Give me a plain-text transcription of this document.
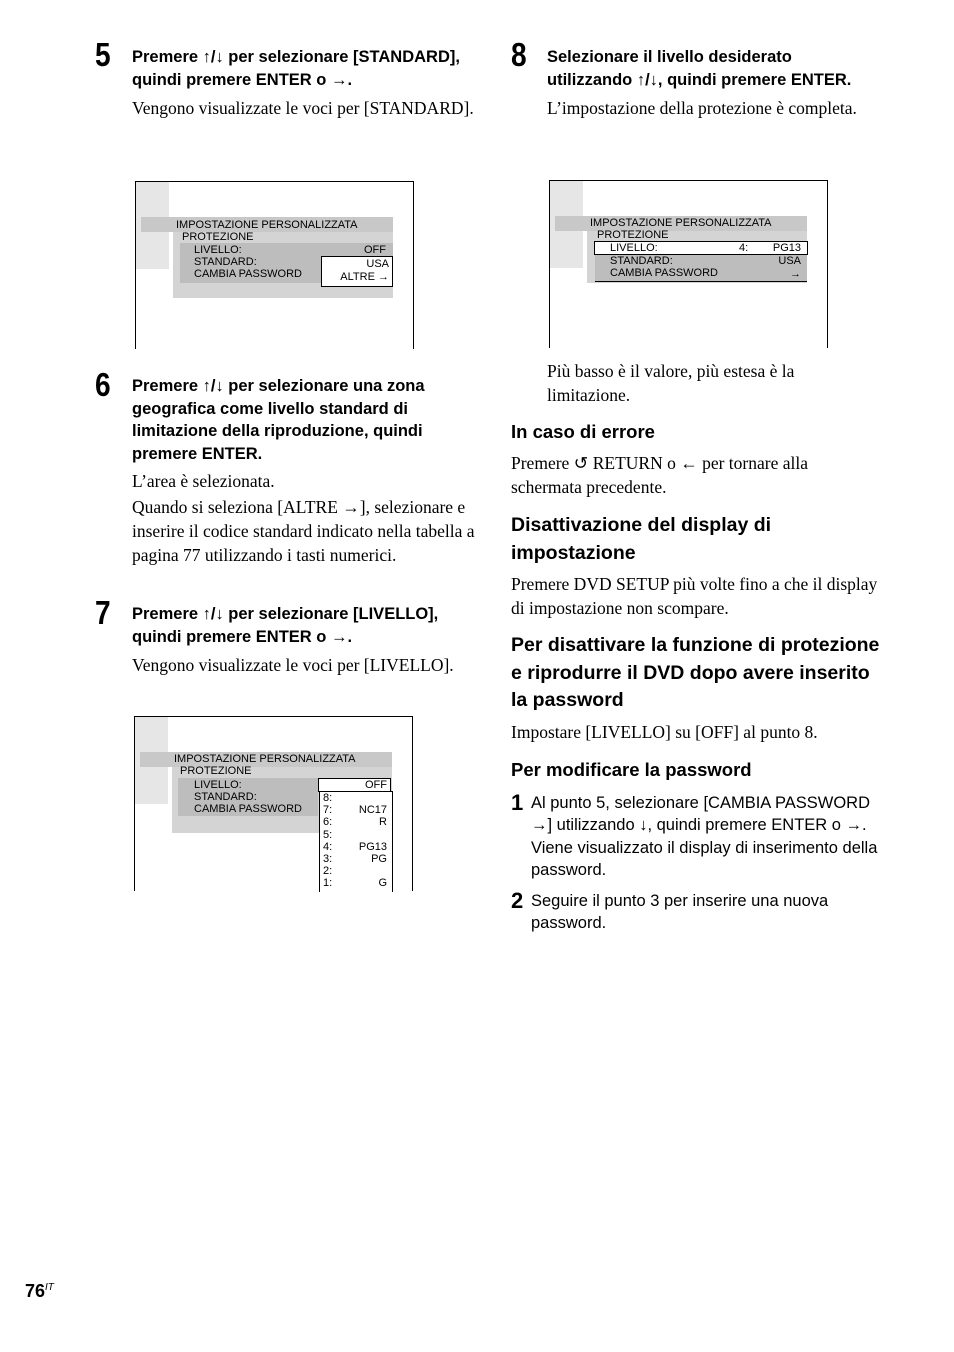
5 Premere ↑/↓ per selezionare [STANDARD], quindi premere ENTER o →.

Vengono visualizzate le voci per [STANDARD].

IMPOSTAZIONE PERSONALIZZATA
PROTEZIONE
LIVELLO:	OFF
STANDARD:	USA
CAMBIA PASSWORD	ALTRE →
6 Premere ↑/↓ per selezionare una zona geografica come livello standard di limitazione della riproduzione, quindi premere ENTER.

L’area è selezionata.

Quando si seleziona [ALTRE →], selezionare e inserire il codice standard indicato nella tabella a pagina 77 utilizzando i tasti numerici.

7 Premere ↑/↓ per selezionare [LIVELLO], quindi premere ENTER o →.

Vengono visualizzate le voci per [LIVELLO].

IMPOSTAZIONE PERSONALIZZATA
PROTEZIONE
LIVELLO:
STANDARD:
CAMBIA PASSWORD
OFF
8:
7: NC17
6:	R
5:
4: PG13
3:	PG
2:
1:	G
8 Selezionare il livello desiderato utilizzando ↑/↓, quindi premere ENTER.

L’impostazione della protezione è completa.

IMPOSTAZIONE PERSONALIZZATA
PROTEZIONE
LIVELLO:	4: PG13
STANDARD:	USA
CAMBIA PASSWORD	→

Più basso è il valore, più estesa è la limitazione.

In caso di errore

Premere ↺ RETURN o ← per tornare alla schermata precedente.

Disattivazione del display di impostazione

Premere DVD SETUP più volte fino a che il display di impostazione non scompare.

Per disattivare la funzione di protezione e riprodurre il DVD dopo avere inserito la password

Impostare [LIVELLO] su [OFF] al punto 8.

Per modificare la password

1 Al punto 5, selezionare [CAMBIA PASSWORD →] utilizzando ↓, quindi premere ENTER o →. Viene visualizzato il display di inserimento della password.

2 Seguire il punto 3 per inserire una nuova password.

$76^{IT}$
